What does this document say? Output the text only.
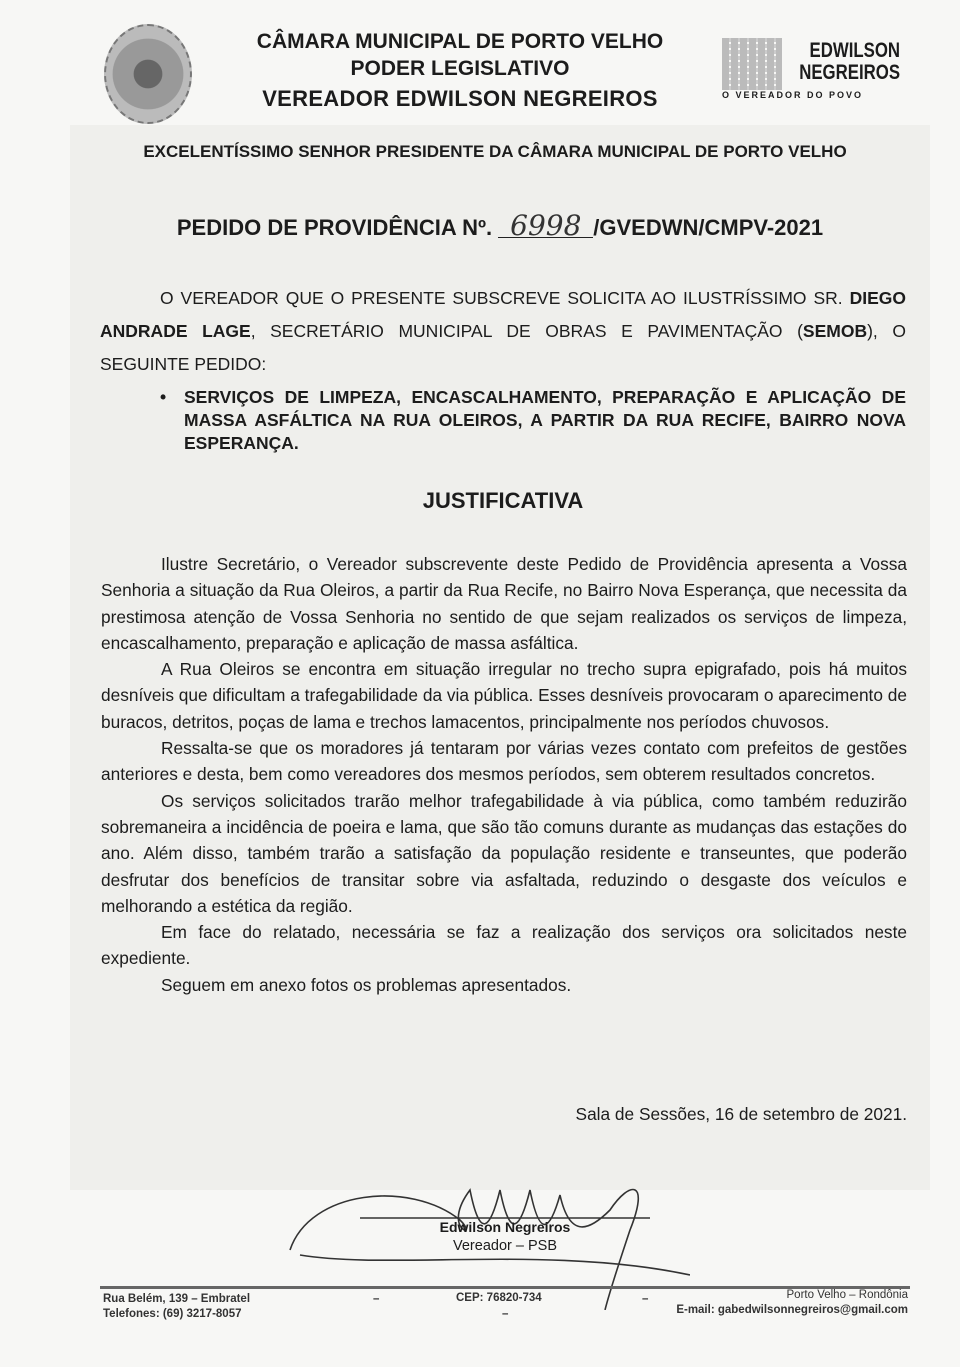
CÂMARA MUNICIPAL DE PORTO VELHO
PODER LEGISLATIVO
VEREADOR EDWILSON NEGREIROS
EDWILSON
NEGREIROS
O VEREADOR DO POVO
EXCELENTÍSSIMO SENHOR PRESIDENTE DA CÂMARA MUNICIPAL DE PORTO VELHO
PEDIDO DE PROVIDÊNCIA Nº. 6998 /GVEDWN/CMPV-2021
O VEREADOR QUE O PRESENTE SUBSCREVE SOLICITA AO ILUSTRÍSSIMO SR. DIEGO ANDRADE LAGE, SECRETÁRIO MUNICIPAL DE OBRAS E PAVIMENTAÇÃO (SEMOB), O SEGUINTE PEDIDO:
• SERVIÇOS DE LIMPEZA, ENCASCALHAMENTO, PREPARAÇÃO E APLICAÇÃO DE MASSA ASFÁLTICA NA RUA OLEIROS, A PARTIR DA RUA RECIFE, BAIRRO NOVA ESPERANÇA.
JUSTIFICATIVA

Ilustre Secretário, o Vereador subscrevente deste Pedido de Providência apresenta a Vossa Senhoria a situação da Rua Oleiros, a partir da Rua Recife, no Bairro Nova Esperança, que necessita da prestimosa atenção de Vossa Senhoria no sentido de que sejam realizados os serviços de limpeza, encascalhamento, preparação e aplicação de massa asfáltica.

A Rua Oleiros se encontra em situação irregular no trecho supra epigrafado, pois há muitos desníveis que dificultam a trafegabilidade da via pública. Esses desníveis provocaram o aparecimento de buracos, detritos, poças de lama e trechos lamacentos, principalmente nos períodos chuvosos.

Ressalta-se que os moradores já tentaram por várias vezes contato com prefeitos de gestões anteriores e desta, bem como vereadores dos mesmos períodos, sem obterem resultados concretos.

Os serviços solicitados trarão melhor trafegabilidade à via pública, como também reduzirão sobremaneira a incidência de poeira e lama, que são tão comuns durante as mudanças das estações do ano. Além disso, também trarão a satisfação da população residente e transeuntes, que poderão desfrutar dos benefícios de transitar sobre via asfaltada, reduzindo o desgaste dos veículos e melhorando a estética da região.

Em face do relatado, necessária se faz a realização dos serviços ora solicitados neste expediente.

Seguem em anexo fotos os problemas apresentados.

Sala de Sessões, 16 de setembro de 2021.
Edwilson Negreiros
Vereador – PSB
Rua Belém, 139 – Embratel
Telefones: (69) 3217-8057
–	CEP: 76820-734
–
–	Porto Velho – Rondônia
E-mail: gabedwilsonnegreiros@gmail.com
